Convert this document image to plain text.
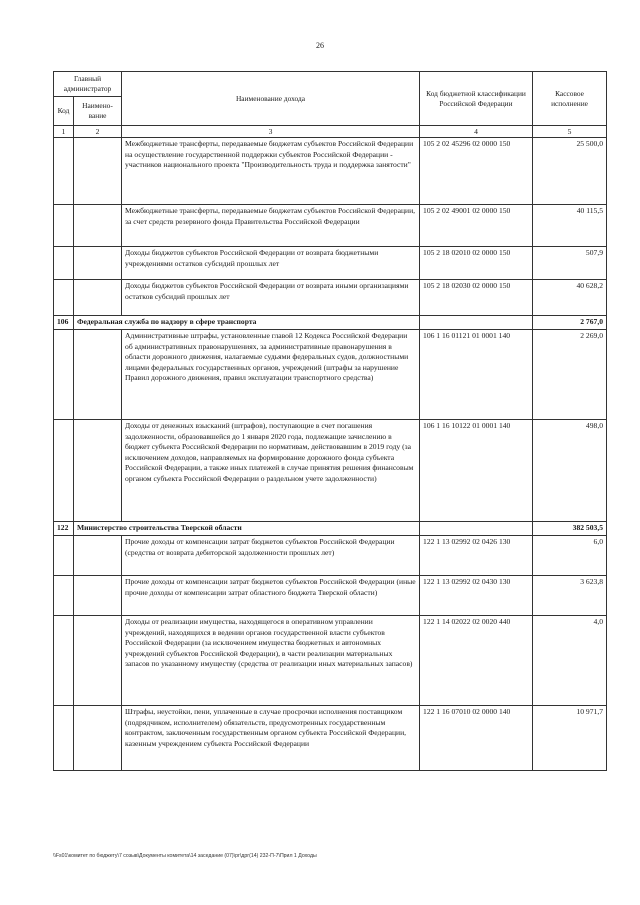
26
Главный администратор		Наименование дохода	Код бюджетной классификации Российской Федерации	Кассовое исполнение
Код	Наимено-вание			
1	2	3	4	5
		Межбюджетные трансферты, передаваемые бюджетам субъектов Российской Федерации на осуществление государственной поддержки субъектов Российской Федерации - участников национального проекта "Производительность труда и поддержка занятости"	105 2 02 45296 02 0000 150	25 500,0
		Межбюджетные трансферты, передаваемые бюджетам субъектов Российской Федерации, за счет средств резервного фонда Правительства Российской Федерации	105 2 02 49001 02 0000 150	40 115,5
		Доходы бюджетов субъектов Российской Федерации от возврата бюджетными учреждениями остатков субсидий прошлых лет	105 2 18 02010 02 0000 150	507,9
		Доходы бюджетов субъектов Российской Федерации от возврата иными организациями остатков субсидий прошлых лет	105 2 18 02030 02 0000 150	40 628,2
106	Федеральная служба по надзору в сфере транспорта			2 767,0
		Административные штрафы, установленные главой 12 Кодекса Российской Федерации об административных правонарушениях, за административные правонарушения в области дорожного движения, налагаемые судьями федеральных судов, должностными лицами федеральных государственных органов, учреждений (штрафы за нарушение Правил дорожного движения, правил эксплуатации транспортного средства)	106 1 16 01121 01 0001 140	2 269,0
		Доходы от денежных взысканий (штрафов), поступающие в счет погашения задолженности, образовавшейся до 1 января 2020 года, подлежащие зачислению в бюджет субъекта Российской Федерации по нормативам, действовавшим в 2019 году (за исключением доходов, направляемых на формирование дорожного фонда субъекта Российской Федерации, а также иных платежей в случае принятия решения финансовым органом субъекта Российской Федерации о раздельном учете задолженности)	106 1 16 10122 01 0001 140	498,0
122	Министерство строительства Тверской области			382 503,5
		Прочие доходы от компенсации затрат бюджетов субъектов Российской Федерации (средства от возврата дебиторской задолженности прошлых лет)	122 1 13 02992 02 0426 130	6,0
		Прочие доходы от компенсации затрат бюджетов субъектов Российской Федерации (иные прочие доходы от компенсации затрат областного бюджета Тверской области)	122 1 13 02992 02 0430 130	3 623,8
		Доходы от реализации имущества, находящегося в оперативном управлении учреждений, находящихся в ведении органов государственной власти субъектов Российской Федерации (за исключением имущества бюджетных и автономных учреждений субъектов Российской Федерации), в части реализации материальных запасов по указанному имуществу (средства от реализации иных материальных запасов)	122 1 14 02022 02 0020 440	4,0
		Штрафы, неустойки, пени, уплаченные в случае просрочки исполнения поставщиком (подрядчиком, исполнителем) обязательств, предусмотренных государственным контрактом, заключенным государственным органом субъекта Российской Федерации, казенным учреждением субъекта Российской Федерации	122 1 16 07010 02 0000 140	10 971,7
\\Fs01\комитет по бюджету\7 созыв\Документы комитета\14 заседание (07)\рг\дрг(14) 232-П-7\Прил 1 Доходы
